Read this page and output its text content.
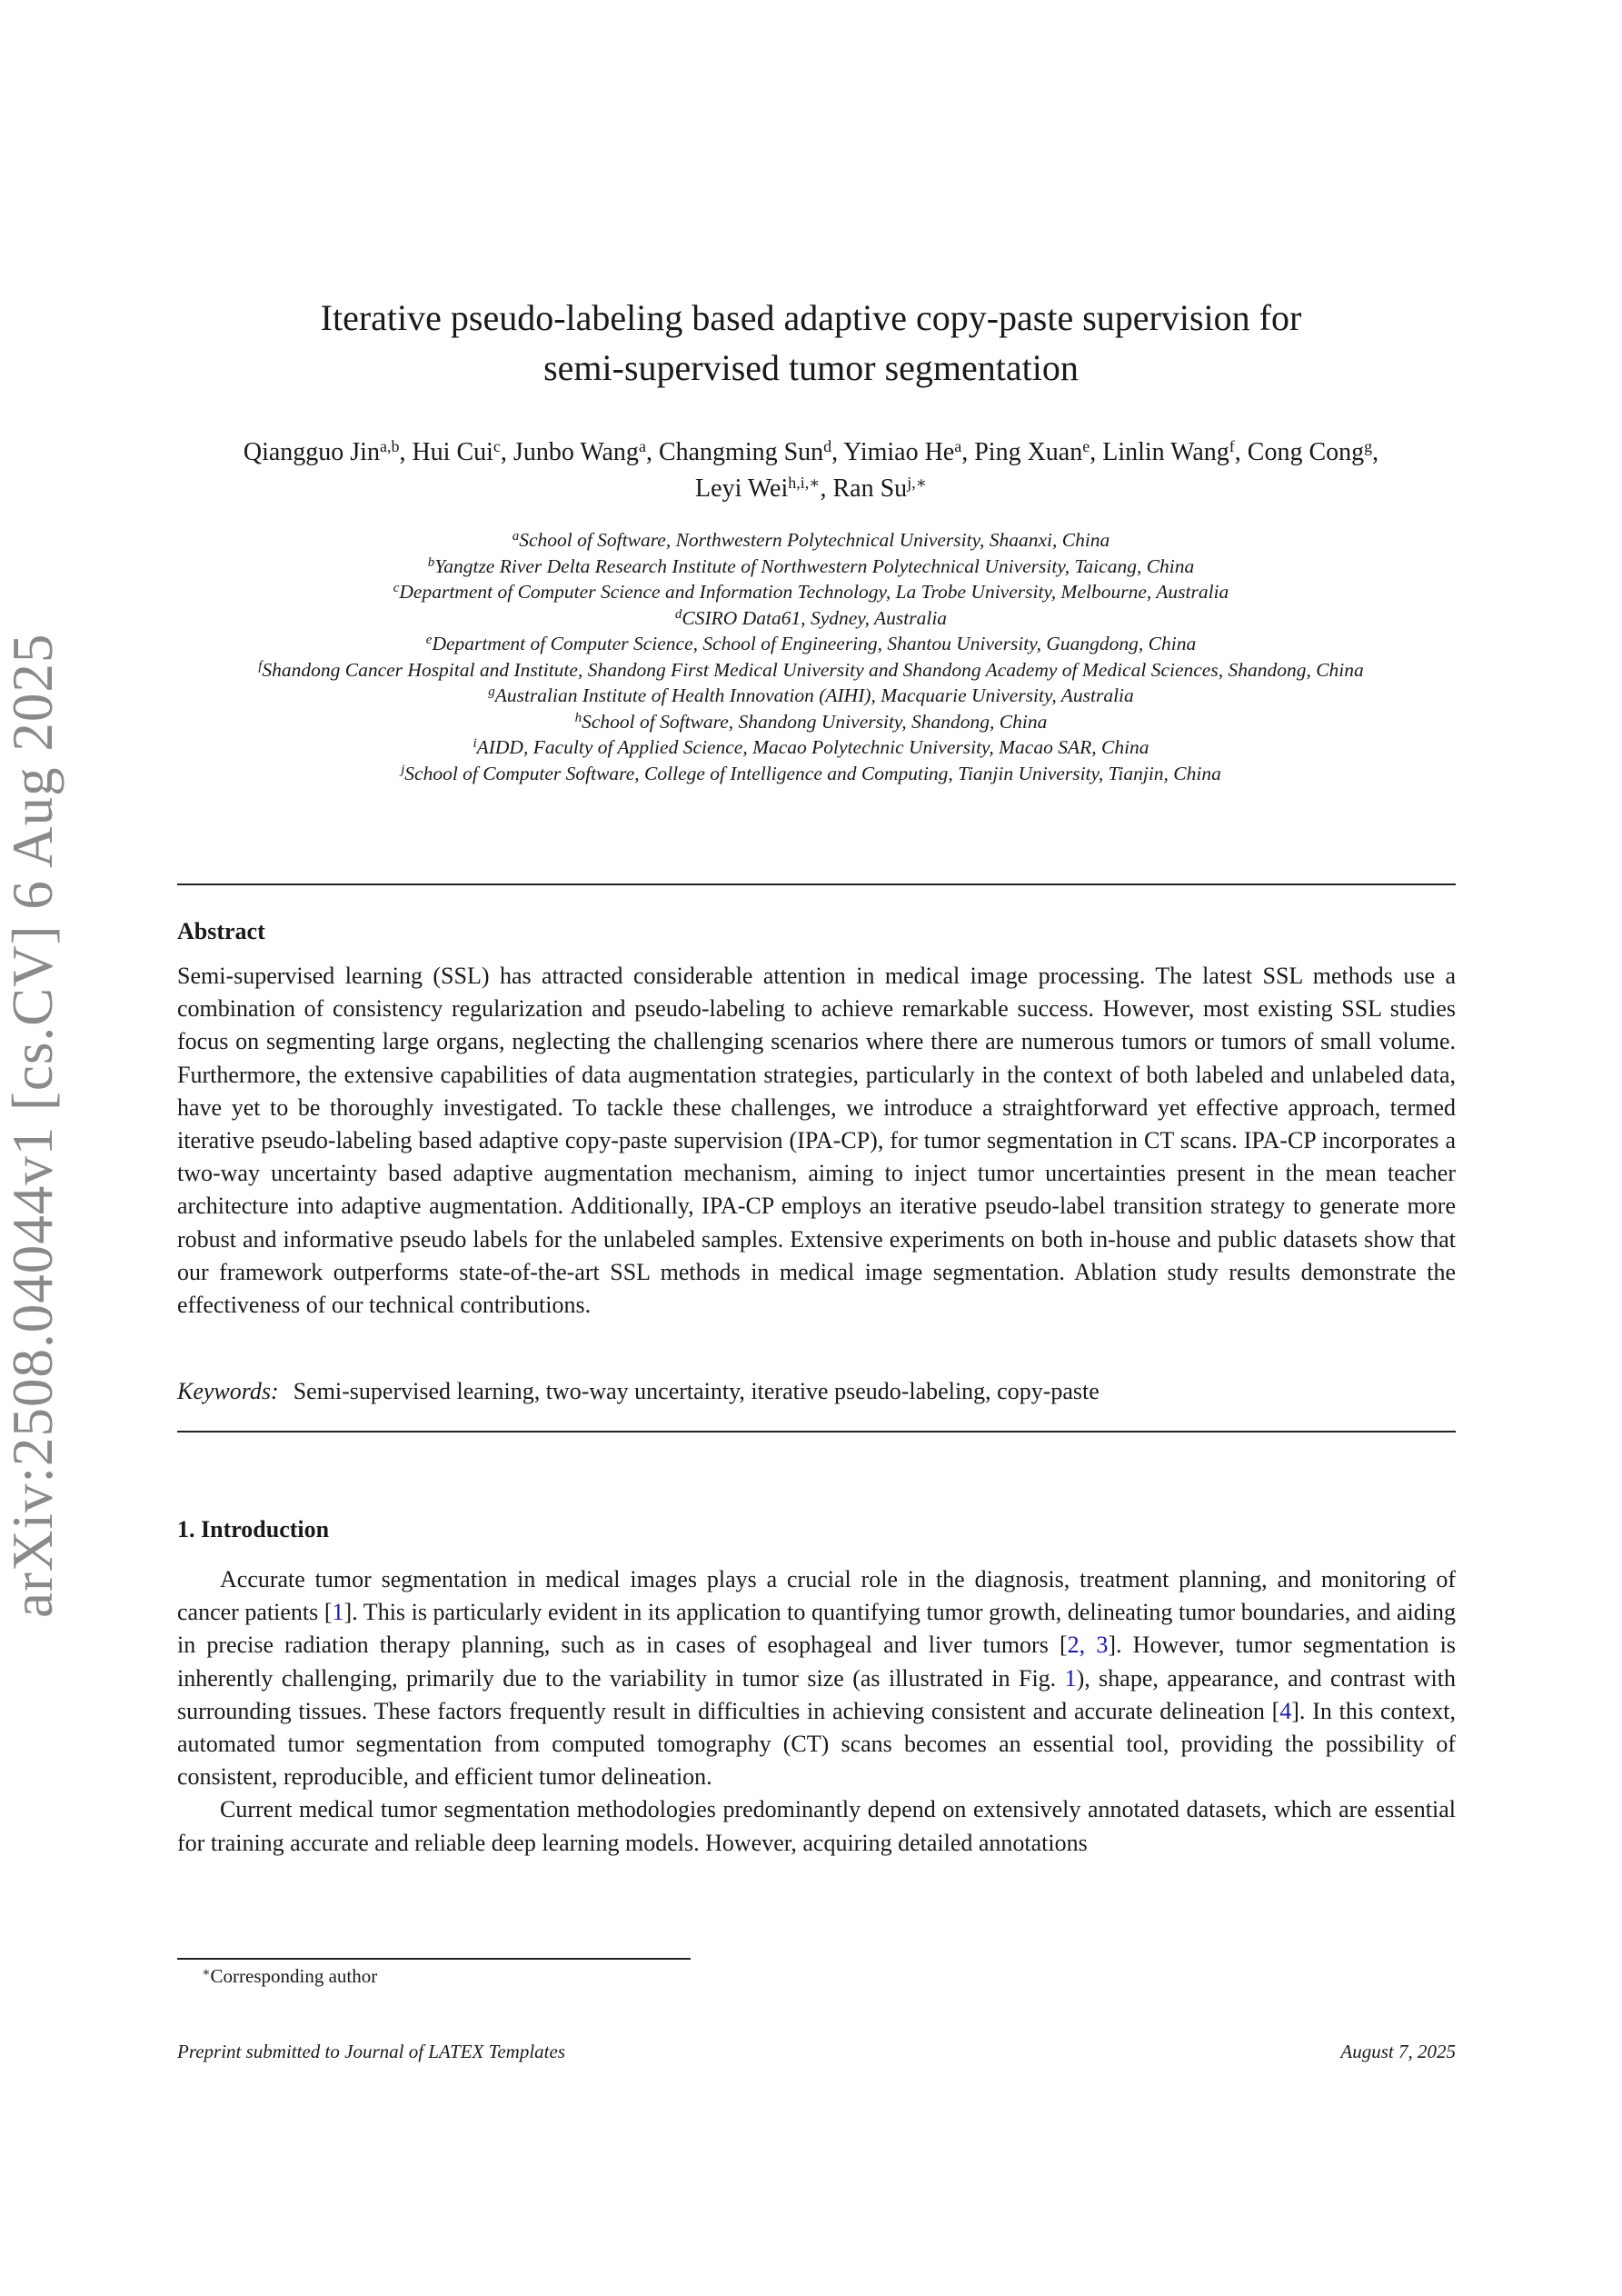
arXiv:2508.04044v1 [cs.CV] 6 Aug 2025
Iterative pseudo-labeling based adaptive copy-paste supervision for
semi-supervised tumor segmentation
Qiangguo Jin$^{a,b}$, Hui Cui$^c$, Junbo Wang$^a$, Changming Sun$^d$, Yimiao He$^a$, Ping Xuan$^e$, Linlin Wang$^f$, Cong Cong$^g$,
Leyi Wei$^{h,i,∗}$, Ran $Su^{j,∗}$
$^a$School of Software, Northwestern Polytechnical University, Shaanxi, China
$^b$Yangtze River Delta Research Institute of Northwestern Polytechnical University, Taicang, China
$^c$Department of Computer Science and Information Technology, La Trobe University, Melbourne, Australia
$^d$CSIRO Data61, Sydney, Australia
$^e$Department of Computer Science, School of Engineering, Shantou University, Guangdong, China
$^f$Shandong Cancer Hospital and Institute, Shandong First Medical University and Shandong Academy of Medical Sciences, Shandong, China
$^g$Australian Institute of Health Innovation (AIHI), Macquarie University, Australia
$^h$School of Software, Shandong University, Shandong, China
$^i$AIDD, Faculty of Applied Science, Macao Polytechnic University, Macao SAR, China
$^j$School of Computer Software, College of Intelligence and Computing, Tianjin University, Tianjin, China
Abstract
Semi-supervised learning (SSL) has attracted considerable attention in medical image processing. The latest SSL methods use a combination of consistency regularization and pseudo-labeling to achieve remarkable success. However, most existing SSL studies focus on segmenting large organs, neglecting the challenging scenarios where there are numerous tumors or tumors of small volume. Furthermore, the extensive capabilities of data augmentation strategies, particularly in the context of both labeled and unlabeled data, have yet to be thoroughly investigated. To tackle these challenges, we introduce a straightforward yet effective approach, termed iterative pseudo-labeling based adaptive copy-paste supervision (IPA-CP), for tumor segmentation in CT scans. IPA-CP incorporates a two-way uncertainty based adaptive augmentation mechanism, aiming to inject tumor uncertainties present in the mean teacher architecture into adaptive augmentation. Additionally, IPA-CP employs an iterative pseudo-label transition strategy to generate more robust and informative pseudo labels for the unlabeled samples. Extensive experiments on both in-house and public datasets show that our framework outperforms state-of-the-art SSL methods in medical image segmentation. Ablation study results demonstrate the effectiveness of our technical contributions.
Keywords: Semi-supervised learning, two-way uncertainty, iterative pseudo-labeling, copy-paste
1. Introduction

Accurate tumor segmentation in medical images plays a crucial role in the diagnosis, treatment planning, and monitoring of cancer patients [1]. This is particularly evident in its application to quantifying tumor growth, delineating tumor boundaries, and aiding in precise radiation therapy planning, such as in cases of esophageal and liver tumors [2, 3]. However, tumor segmentation is inherently challenging, primarily due to the variability in tumor size (as illustrated in Fig. 1), shape, appearance, and contrast with surrounding tissues. These factors frequently result in difficulties in achieving consistent and accurate delineation [4]. In this context, automated tumor segmentation from computed tomography (CT) scans becomes an essential tool, providing the possibility of consistent, reproducible, and efficient tumor delineation.

Current medical tumor segmentation methodologies predominantly depend on extensively annotated datasets, which are essential for training accurate and reliable deep learning models. However, acquiring detailed annotations

∗Corresponding author
Preprint submitted to Journal of LATEX Templates	August 7, 2025
